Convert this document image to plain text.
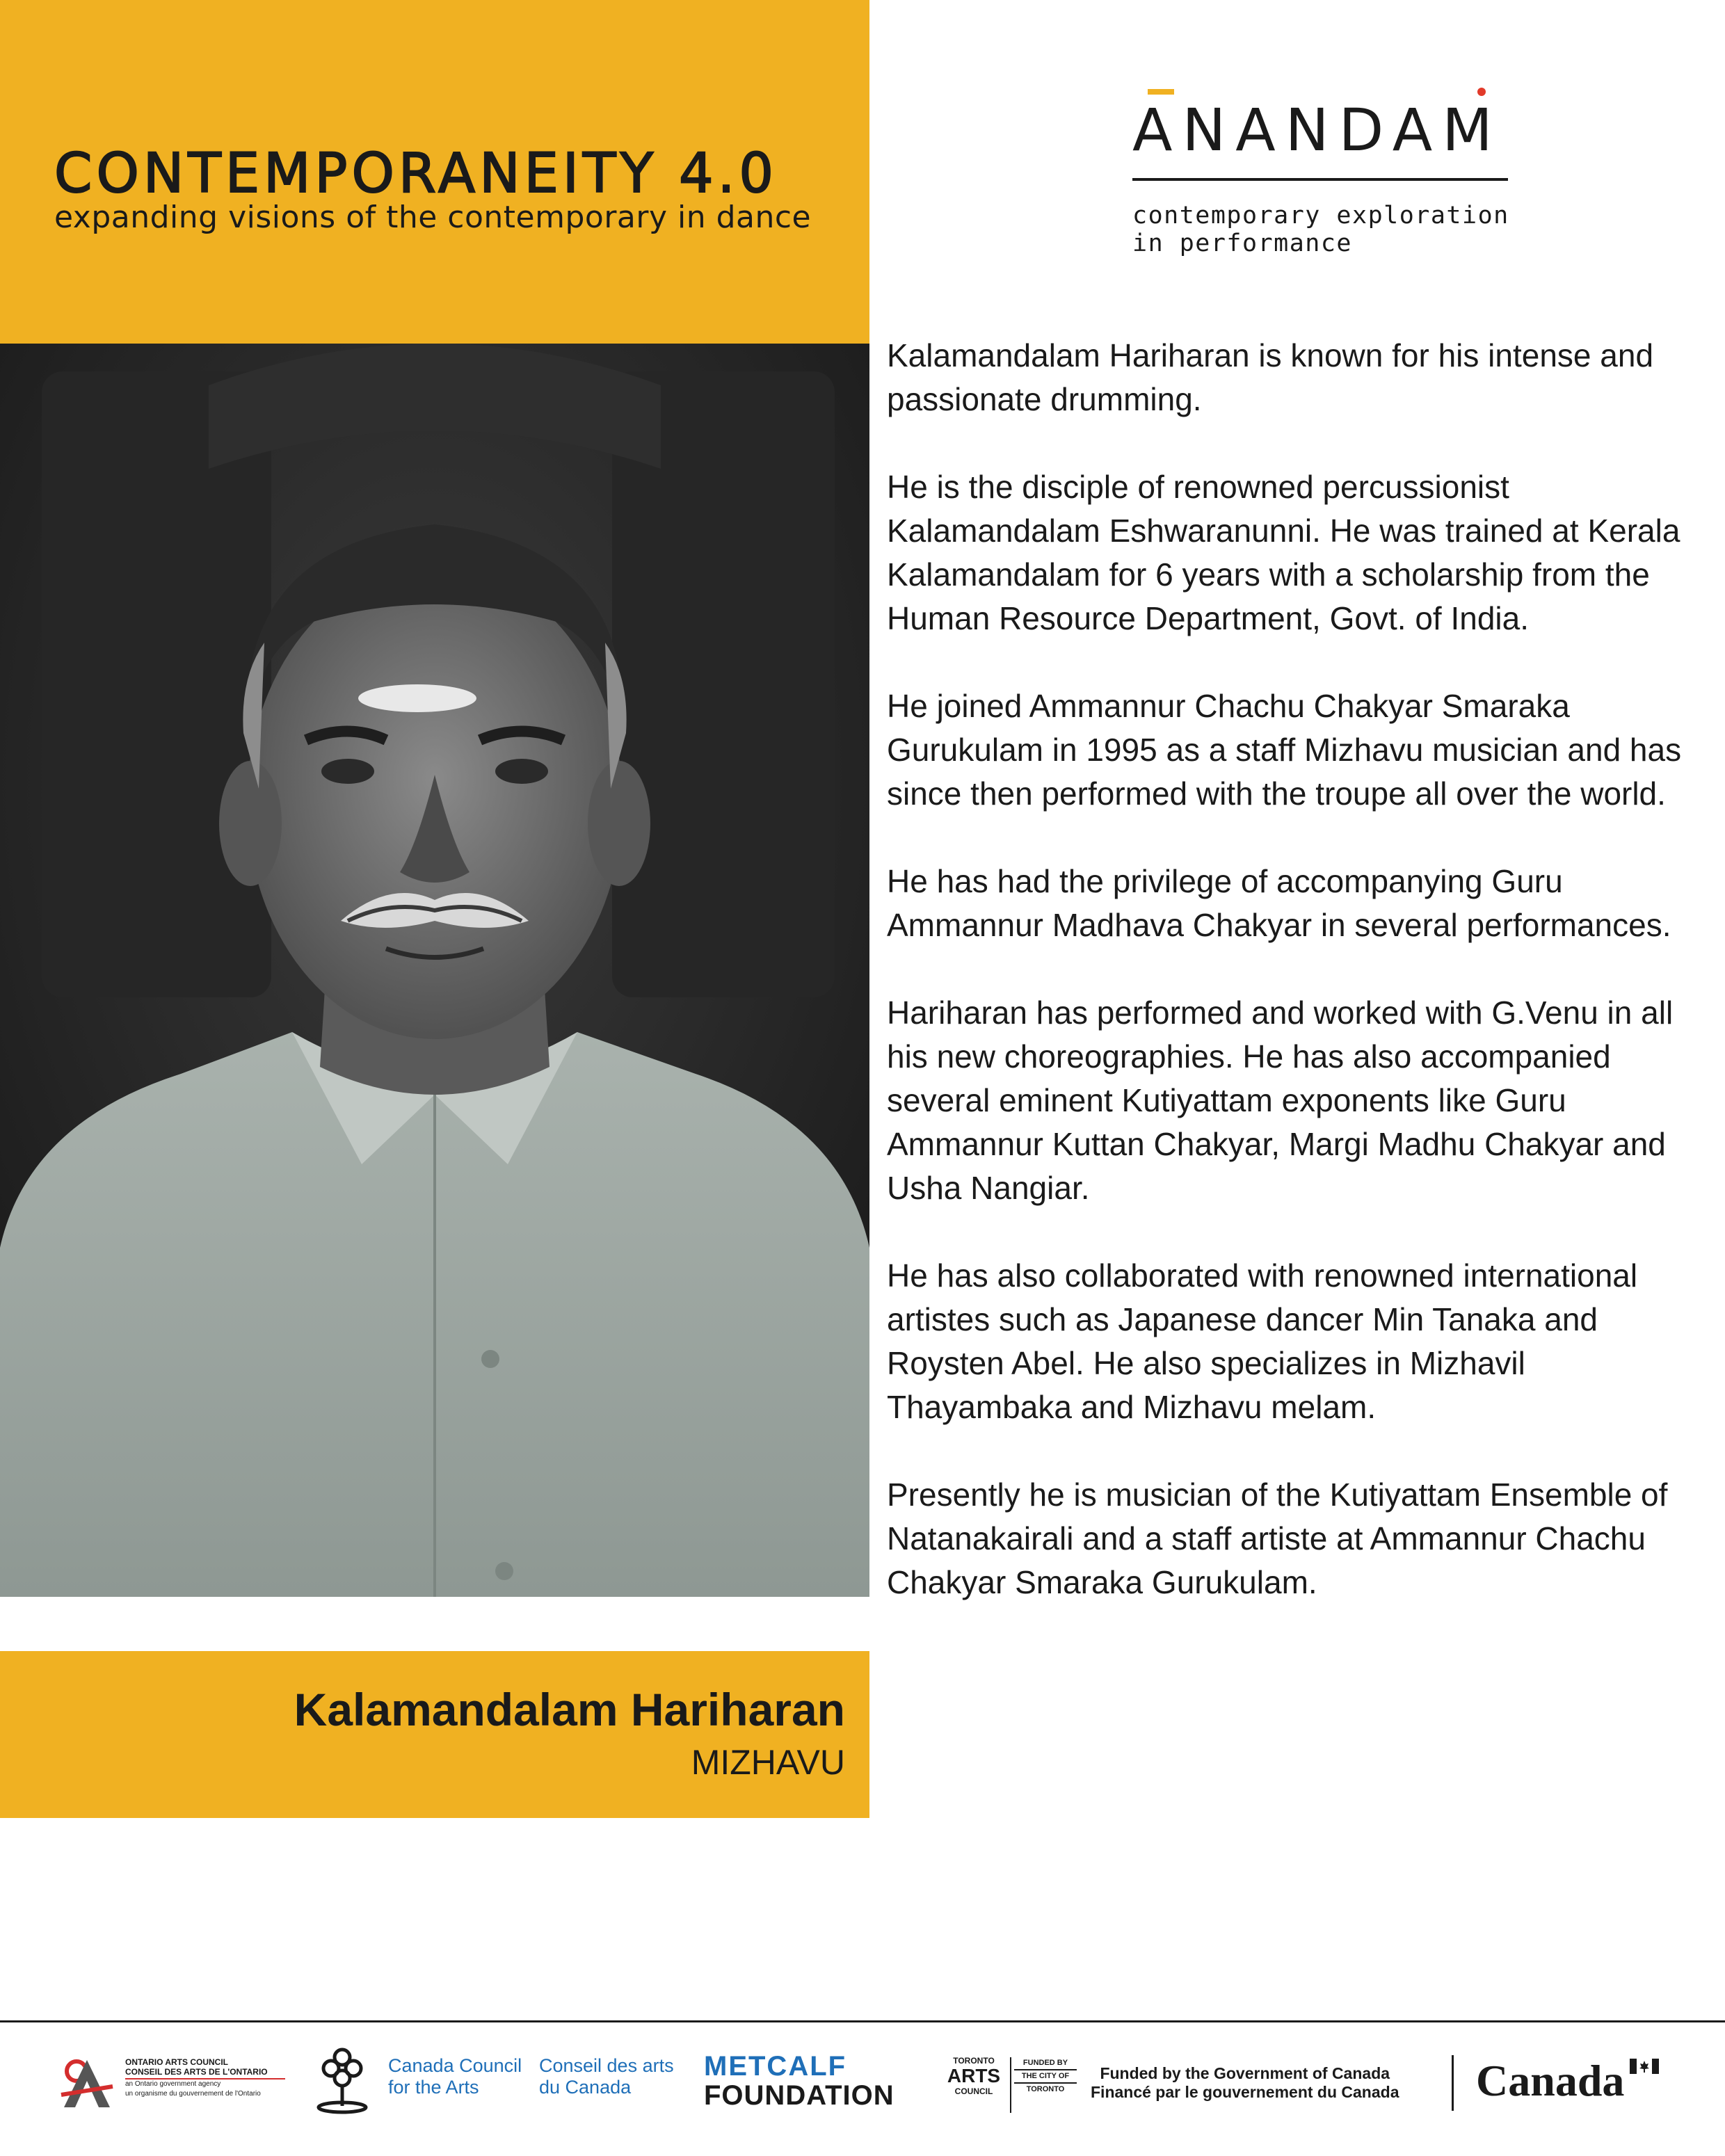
CONTEMPORANEITY 4.0
expanding visions of the contemporary in dance
ANANDAM
contemporary exploration
in performance
Kalamandalam Hariharan
MIZHAVU

Kalamandalam Hariharan is known for his intense and passionate drumming.

He is the disciple of renowned percussionist Kalamandalam Eshwaranunni. He was trained at Kerala Kalamandalam for 6 years with a scholarship from the Human Resource Department, Govt. of India.

He joined Ammannur Chachu Chakyar Smaraka Gurukulam in 1995 as a staff Mizhavu musician and has since then performed with the troupe all over the world.

He has had the privilege of accompanying Guru Ammannur Madhava Chakyar in several performances.

Hariharan has performed and worked with G.Venu in all his new choreographies. He has also accompanied several eminent Kutiyattam exponents like Guru Ammannur Kuttan Chakyar, Margi Madhu Chakyar and Usha Nangiar.

He has also collaborated with renowned international artistes such as Japanese dancer Min Tanaka and Roysten Abel. He also specializes in Mizhavil Thayambaka and Mizhavu melam.

Presently he is musician of the Kutiyattam Ensemble of Natanakairali and a staff artiste at Ammannur Chachu Chakyar Smaraka Gurukulam.

ONTARIO ARTS COUNCIL
CONSEIL DES ARTS DE L'ONTARIO
an Ontario government agency
un organisme du gouvernement de l'Ontario
Canada Council
for the Arts
Conseil des arts
du Canada
METCALF
FOUNDATION
TORONTO
ARTS
COUNCIL
FUNDED BY
THE CITY OF
TORONTO
Funded by the Government of Canada
Financé par le gouvernement du Canada Canada
